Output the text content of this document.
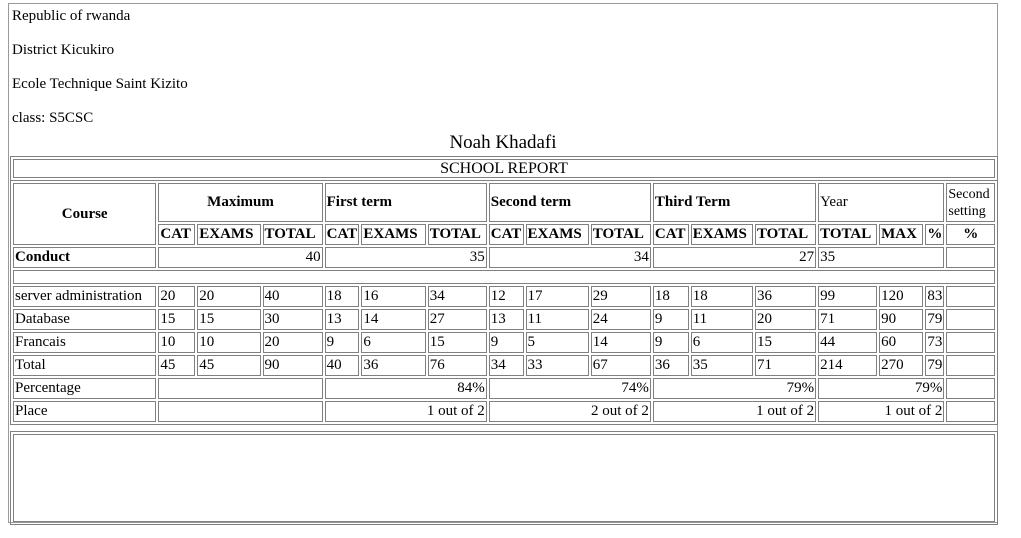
Republic of rwanda

District Kicukiro

Ecole Technique Saint Kizito

class: S5CSC

Noah Khadafi
SCHOOL REPORT
Course	Maximum			First term			Second term			Third Term			Year			Second setting
	CAT	EXAMS	TOTAL	CAT	EXAMS	TOTAL	CAT	EXAMS	TOTAL	CAT	EXAMS	TOTAL	TOTAL	MAX	%	%
Conduct	40			35			34			27			35			

server administration	20	20	40	18	16	34	12	17	29	18	18	36	99	120	83	
Database	15	15	30	13	14	27	13	11	24	9	11	20	71	90	79	
Francais	10	10	20	9	6	15	9	5	14	9	6	15	44	60	73	
Total	45	45	90	40	36	76	34	33	67	36	35	71	214	270	79	
Percentage				84%			74%			79%			79%			
Place				1 out of 2			2 out of 2			1 out of 2			1 out of 2			
